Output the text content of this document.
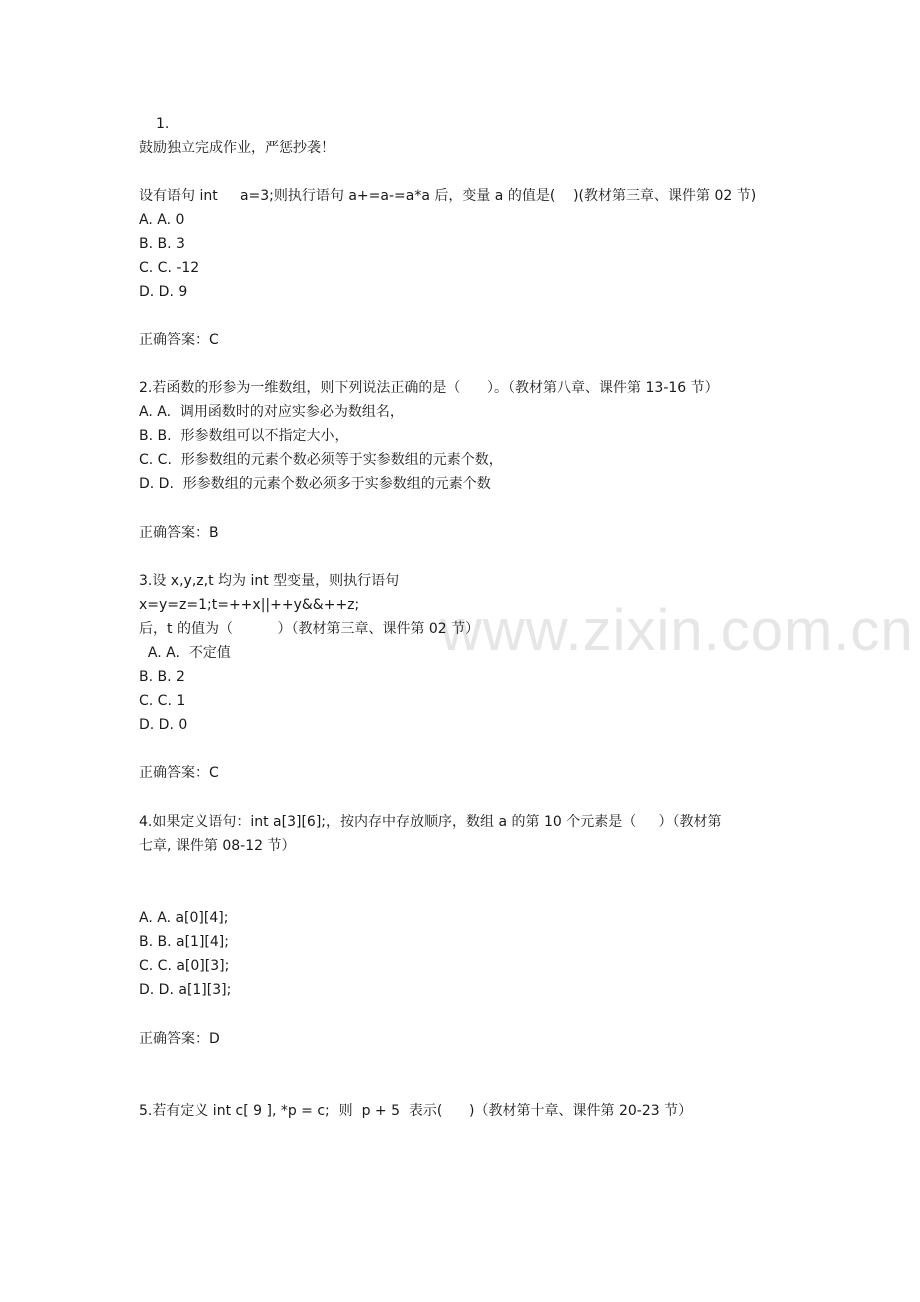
www.zixin.com.cn
1.
鼓励独立完成作业，严惩抄袭！
设有语句 int     a=3;则执行语句 a+=a-=a*a 后，变量 a 的值是(    )(教材第三章、课件第 02 节)
A. A. 0
B. B. 3
C. C. -12
D. D. 9
正确答案：C
2.若函数的形参为一维数组，则下列说法正确的是（      ）。（教材第八章、课件第 13-16 节）
A. A.  调用函数时的对应实参必为数组名，
B. B.  形参数组可以不指定大小，
C. C.  形参数组的元素个数必须等于实参数组的元素个数，
D. D.  形参数组的元素个数必须多于实参数组的元素个数
正确答案：B
3.设 x,y,z,t 均为 int 型变量，则执行语句
x=y=z=1;t=++x||++y&&++z;
后，t 的值为（          ）（教材第三章、课件第 02 节）
A. A.  不定值
B. B. 2
C. C. 1
D. D. 0
正确答案：C
4.如果定义语句：int a[3][6];，按内存中存放顺序，数组 a 的第 10 个元素是（     ）（教材第
七章, 课件第 08-12 节）
A. A. a[0][4];
B. B. a[1][4];
C. C. a[0][3];
D. D. a[1][3];
正确答案：D
5.若有定义 int c[ 9 ], *p = c;  则  p + 5  表示(      )（教材第十章、课件第 20-23 节）
